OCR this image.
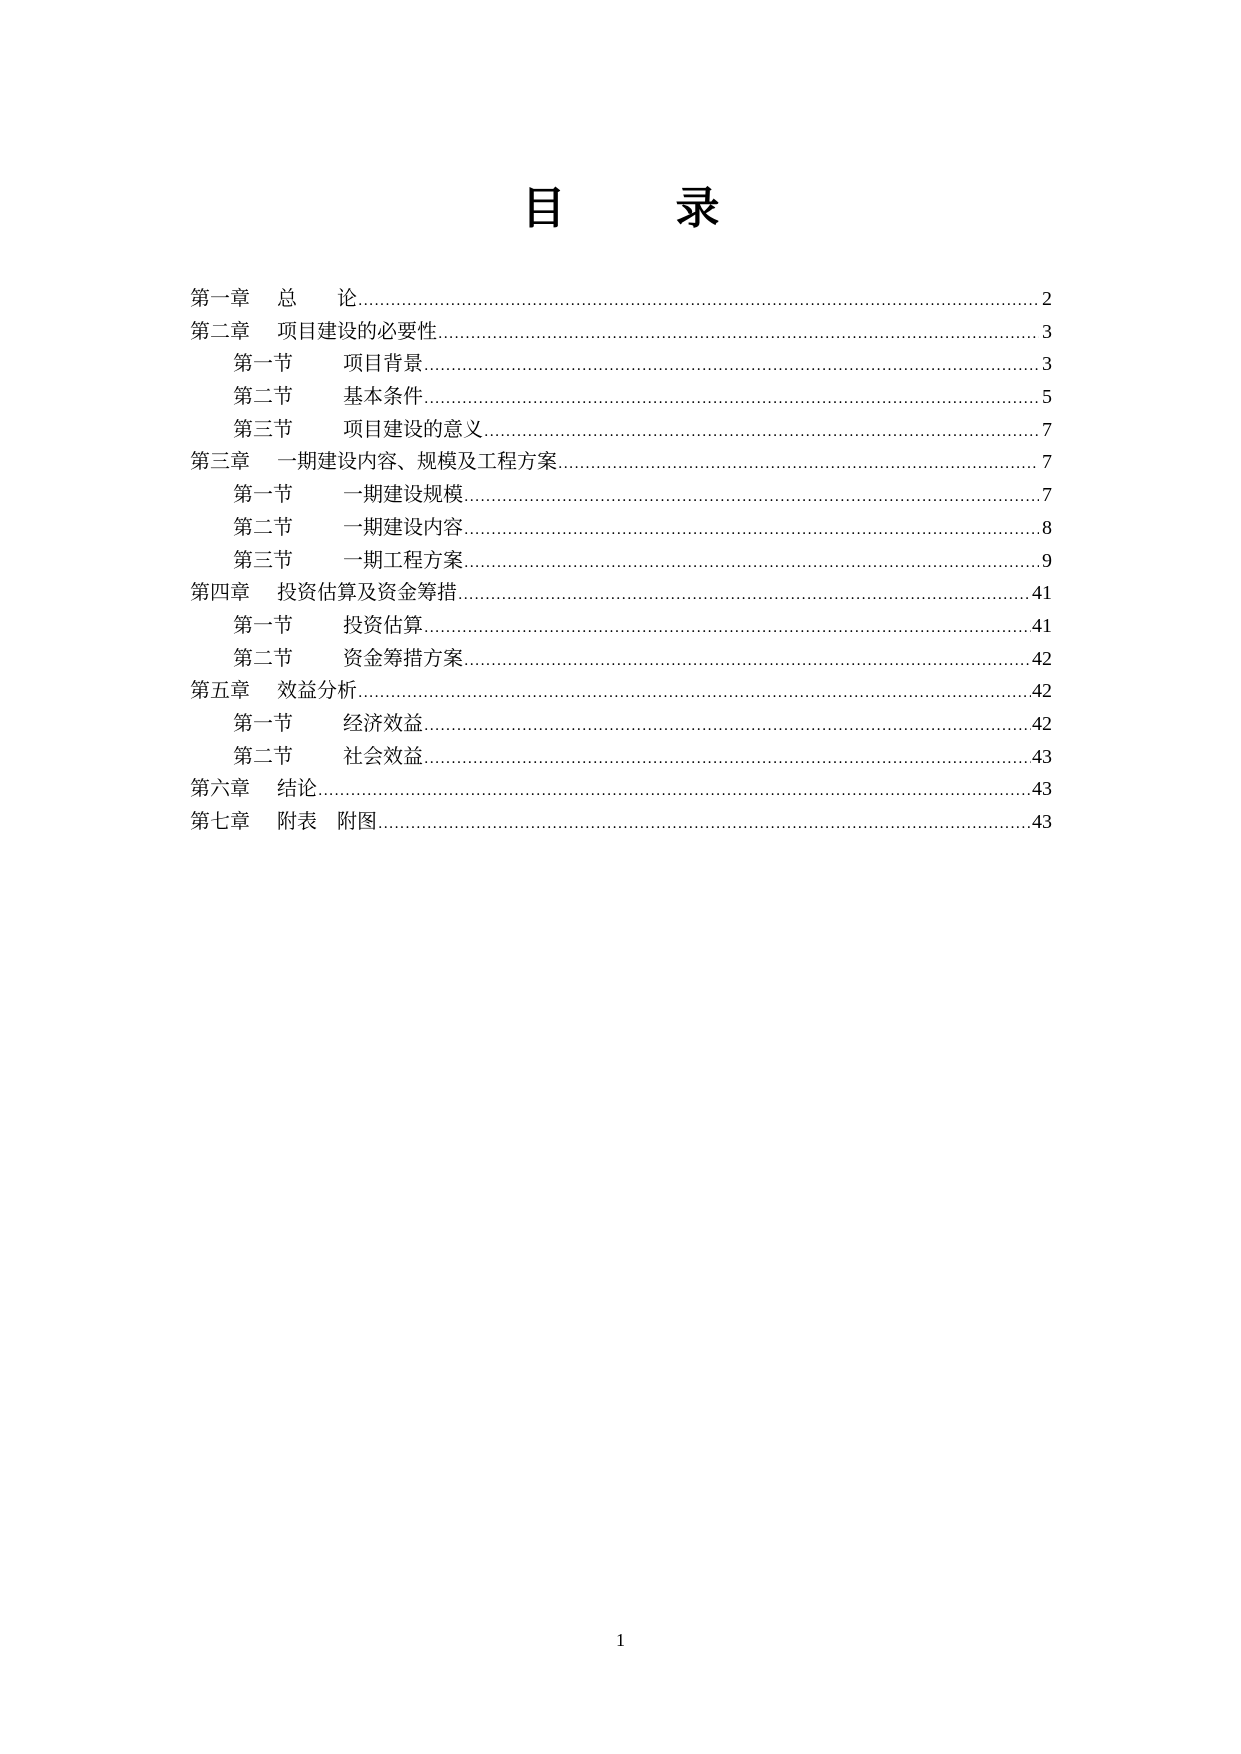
目	录
第一章	总　　论 .....	2
第二章	项目建设的必要性 .....	3
第一节	项目背景 .....	3
第二节	基本条件 .....	5
第三节	项目建设的意义 .....	7
第三章	一期建设内容、规模及工程方案 .....	7
第一节	一期建设规模 .....	7
第二节	一期建设内容 .....	8
第三节	一期工程方案 .....	9
第四章	投资估算及资金筹措 .....	41
第一节	投资估算 .....	41
第二节	资金筹措方案 .....	42
第五章	效益分析 .....	42
第一节	经济效益 .....	42
第二节	社会效益 .....	43
第六章	结论 .....	43
第七章	附表　附图 .....	43
1
